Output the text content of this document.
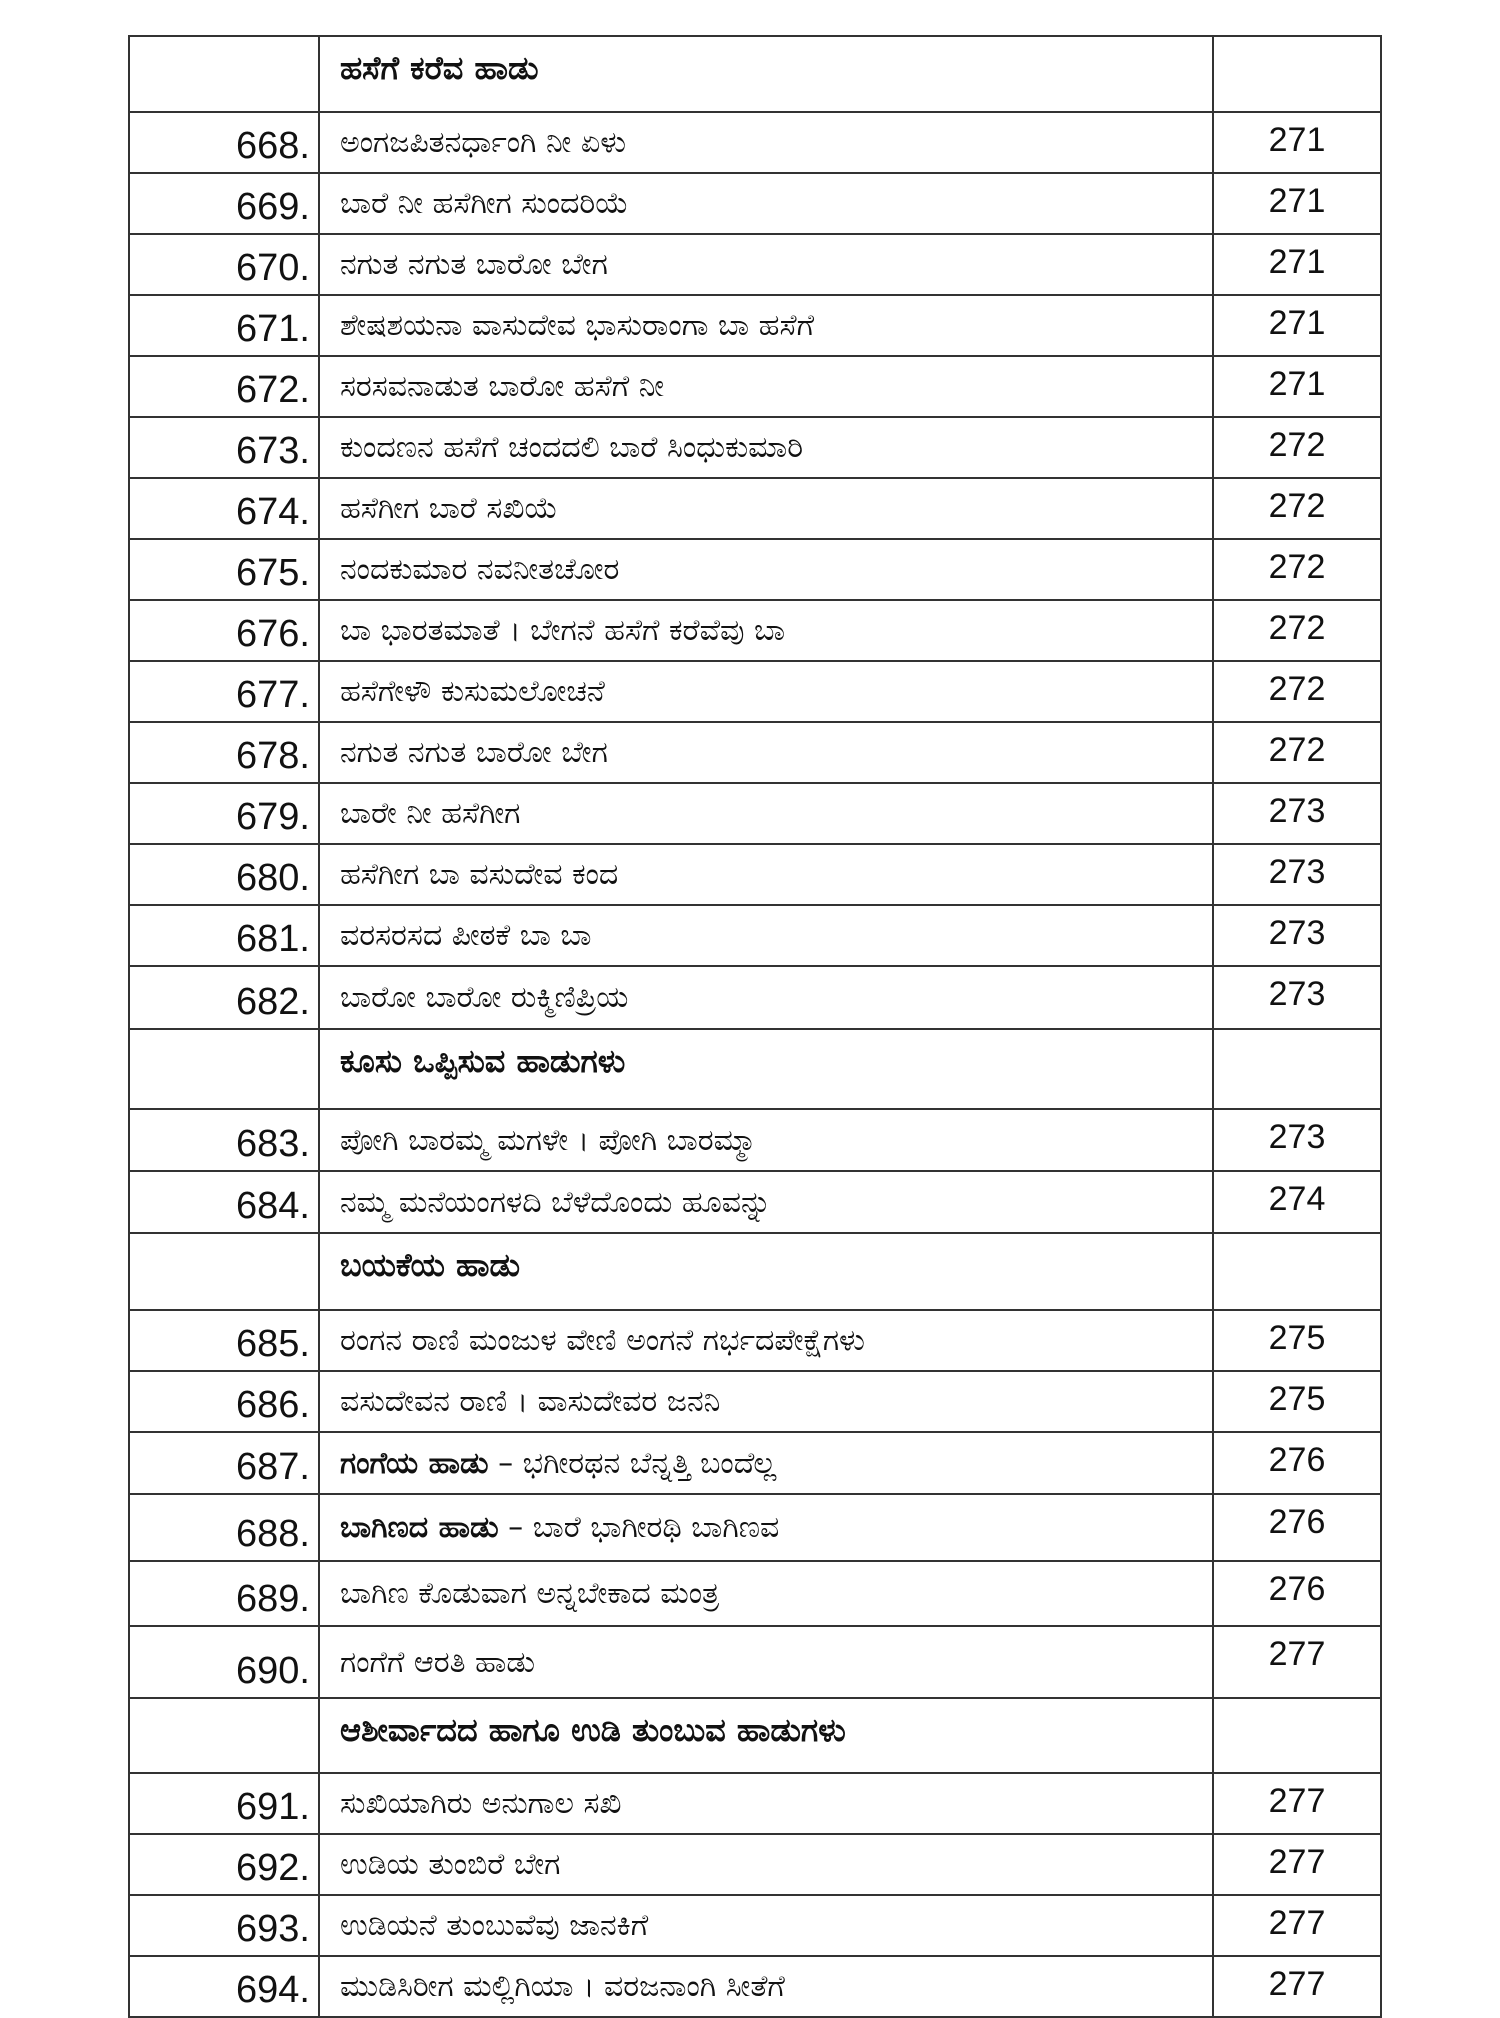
	ಹಸೆಗೆ ಕರೆವ ಹಾಡು	
668.	ಅಂಗಜಪಿತನರ್ಧಾಂಗಿ ನೀ ಏಳು	271
669.	ಬಾರೆ ನೀ ಹಸೆಗೀಗ ಸುಂದರಿಯೆ	271
670.	ನಗುತ ನಗುತ ಬಾರೋ ಬೇಗ	271
671.	ಶೇಷಶಯನಾ ವಾಸುದೇವ ಭಾಸುರಾಂಗಾ ಬಾ ಹಸೆಗೆ	271
672.	ಸರಸವನಾಡುತ ಬಾರೋ ಹಸೆಗೆ ನೀ	271
673.	ಕುಂದಣನ ಹಸೆಗೆ ಚಂದದಲಿ ಬಾರೆ ಸಿಂಧುಕುಮಾರಿ	272
674.	ಹಸೆಗೀಗ ಬಾರೆ ಸಖಿಯೆ	272
675.	ನಂದಕುಮಾರ ನವನೀತಚೋರ	272
676.	ಬಾ ಭಾರತಮಾತೆ । ಬೇಗನೆ ಹಸೆಗೆ ಕರೆವೆವು ಬಾ	272
677.	ಹಸೆಗೇಳೌ ಕುಸುಮಲೋಚನೆ	272
678.	ನಗುತ ನಗುತ ಬಾರೋ ಬೇಗ	272
679.	ಬಾರೇ ನೀ ಹಸೆಗೀಗ	273
680.	ಹಸೆಗೀಗ ಬಾ ವಸುದೇವ ಕಂದ	273
681.	ವರಸರಸದ ಪೀಠಕೆ ಬಾ ಬಾ	273
682.	ಬಾರೋ ಬಾರೋ ರುಕ್ಮಿಣಿಪ್ರಿಯ	273
	ಕೂಸು ಒಪ್ಪಿಸುವ ಹಾಡುಗಳು	
683.	ಪೋಗಿ ಬಾರಮ್ಮ ಮಗಳೇ । ಪೋಗಿ ಬಾರಮ್ಮಾ	273
684.	ನಮ್ಮ ಮನೆಯಂಗಳದಿ ಬೆಳೆದೊಂದು ಹೂವನ್ನು	274
	ಬಯಕೆಯ ಹಾಡು	
685.	ರಂಗನ ರಾಣಿ ಮಂಜುಳ ವೇಣಿ ಅಂಗನೆ ಗರ್ಭದಪೇಕ್ಷೆಗಳು	275
686.	ವಸುದೇವನ ರಾಣಿ । ವಾಸುದೇವರ ಜನನಿ	275
687.	ಗಂಗೆಯ ಹಾಡು – ಭಗೀರಥನ ಬೆನ್ನತ್ತಿ ಬಂದೆಲ್ಲ	276
688.	ಬಾಗಿಣದ ಹಾಡು – ಬಾರೆ ಭಾಗೀರಥಿ ಬಾಗಿಣವ	276
689.	ಬಾಗಿಣ ಕೊಡುವಾಗ ಅನ್ನಬೇಕಾದ ಮಂತ್ರ	276
690.	ಗಂಗೆಗೆ ಆರತಿ ಹಾಡು	277
	ಆಶೀರ್ವಾದದ ಹಾಗೂ ಉಡಿ ತುಂಬುವ ಹಾಡುಗಳು	
691.	ಸುಖಿಯಾಗಿರು ಅನುಗಾಲ ಸಖಿ	277
692.	ಉಡಿಯ ತುಂಬಿರೆ ಬೇಗ	277
693.	ಉಡಿಯನೆ ತುಂಬುವೆವು ಜಾನಕಿಗೆ	277
694.	ಮುಡಿಸಿರೀಗ ಮಲ್ಲಿಗಿಯಾ । ವರಜನಾಂಗಿ ಸೀತೆಗೆ	277
